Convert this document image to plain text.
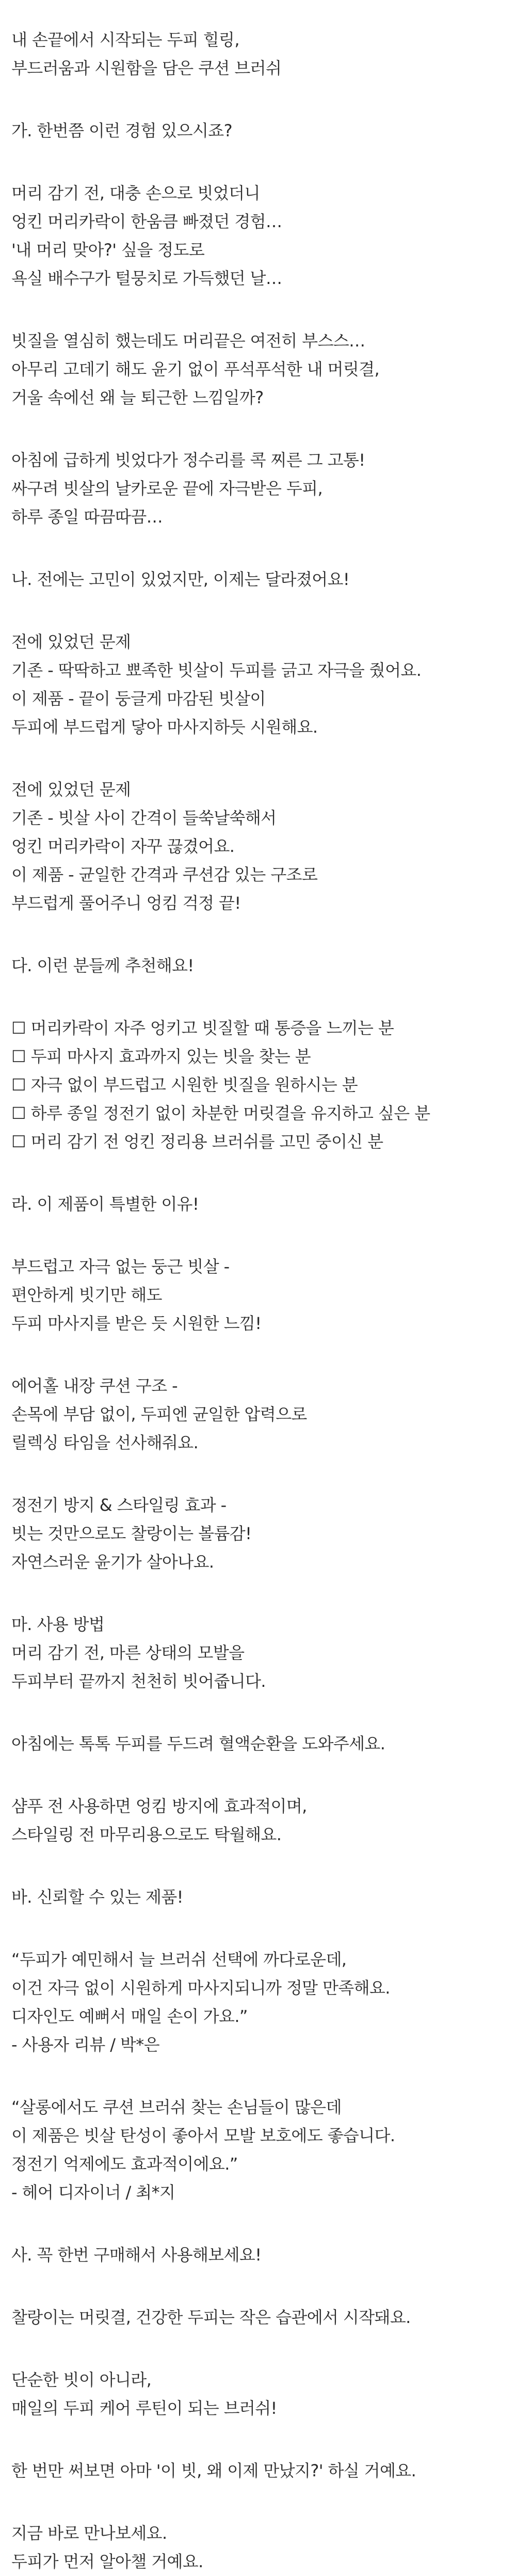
내 손끝에서 시작되는 두피 힐링,
부드러움과 시원함을 담은 쿠션 브러쉬
가. 한번쯤 이런 경험 있으시죠?
머리 감기 전, 대충 손으로 빗었더니
엉킨 머리카락이 한움큼 빠졌던 경험…
'내 머리 맞아?' 싶을 정도로
욕실 배수구가 털뭉치로 가득했던 날…
빗질을 열심히 했는데도 머리끝은 여전히 부스스…
아무리 고데기 해도 윤기 없이 푸석푸석한 내 머릿결,
거울 속에선 왜 늘 퇴근한 느낌일까?
아침에 급하게 빗었다가 정수리를 콕 찌른 그 고통!
싸구려 빗살의 날카로운 끝에 자극받은 두피,
하루 종일 따끔따끔…
나. 전에는 고민이 있었지만, 이제는 달라졌어요!
전에 있었던 문제
기존 - 딱딱하고 뾰족한 빗살이 두피를 긁고 자극을 줬어요.
이 제품 - 끝이 둥글게 마감된 빗살이
두피에 부드럽게 닿아 마사지하듯 시원해요.
전에 있었던 문제
기존 - 빗살 사이 간격이 들쑥날쑥해서
엉킨 머리카락이 자꾸 끊겼어요.
이 제품 - 균일한 간격과 쿠션감 있는 구조로
부드럽게 풀어주니 엉킴 걱정 끝!
다. 이런 분들께 추천해요!
☐ 머리카락이 자주 엉키고 빗질할 때 통증을 느끼는 분
☐ 두피 마사지 효과까지 있는 빗을 찾는 분
☐ 자극 없이 부드럽고 시원한 빗질을 원하시는 분
☐ 하루 종일 정전기 없이 차분한 머릿결을 유지하고 싶은 분
☐ 머리 감기 전 엉킨 정리용 브러쉬를 고민 중이신 분
라. 이 제품이 특별한 이유!
부드럽고 자극 없는 둥근 빗살 -
편안하게 빗기만 해도
두피 마사지를 받은 듯 시원한 느낌!
에어홀 내장 쿠션 구조 -
손목에 부담 없이, 두피엔 균일한 압력으로
릴렉싱 타임을 선사해줘요.
정전기 방지 & 스타일링 효과 -
빗는 것만으로도 찰랑이는 볼륨감!
자연스러운 윤기가 살아나요.
마. 사용 방법
머리 감기 전, 마른 상태의 모발을
두피부터 끝까지 천천히 빗어줍니다.
아침에는 톡톡 두피를 두드려 혈액순환을 도와주세요.
샴푸 전 사용하면 엉킴 방지에 효과적이며,
스타일링 전 마무리용으로도 탁월해요.
바. 신뢰할 수 있는 제품!
“두피가 예민해서 늘 브러쉬 선택에 까다로운데,
이건 자극 없이 시원하게 마사지되니까 정말 만족해요.
디자인도 예뻐서 매일 손이 가요.”
- 사용자 리뷰 / 박*은
“살롱에서도 쿠션 브러쉬 찾는 손님들이 많은데
이 제품은 빗살 탄성이 좋아서 모발 보호에도 좋습니다.
정전기 억제에도 효과적이에요.”
- 헤어 디자이너 / 최*지
사. 꼭 한번 구매해서 사용해보세요!
찰랑이는 머릿결, 건강한 두피는 작은 습관에서 시작돼요.
단순한 빗이 아니라,
매일의 두피 케어 루틴이 되는 브러쉬!
한 번만 써보면 아마 '이 빗, 왜 이제 만났지?' 하실 거예요.
지금 바로 만나보세요.
두피가 먼저 알아챌 거예요.
